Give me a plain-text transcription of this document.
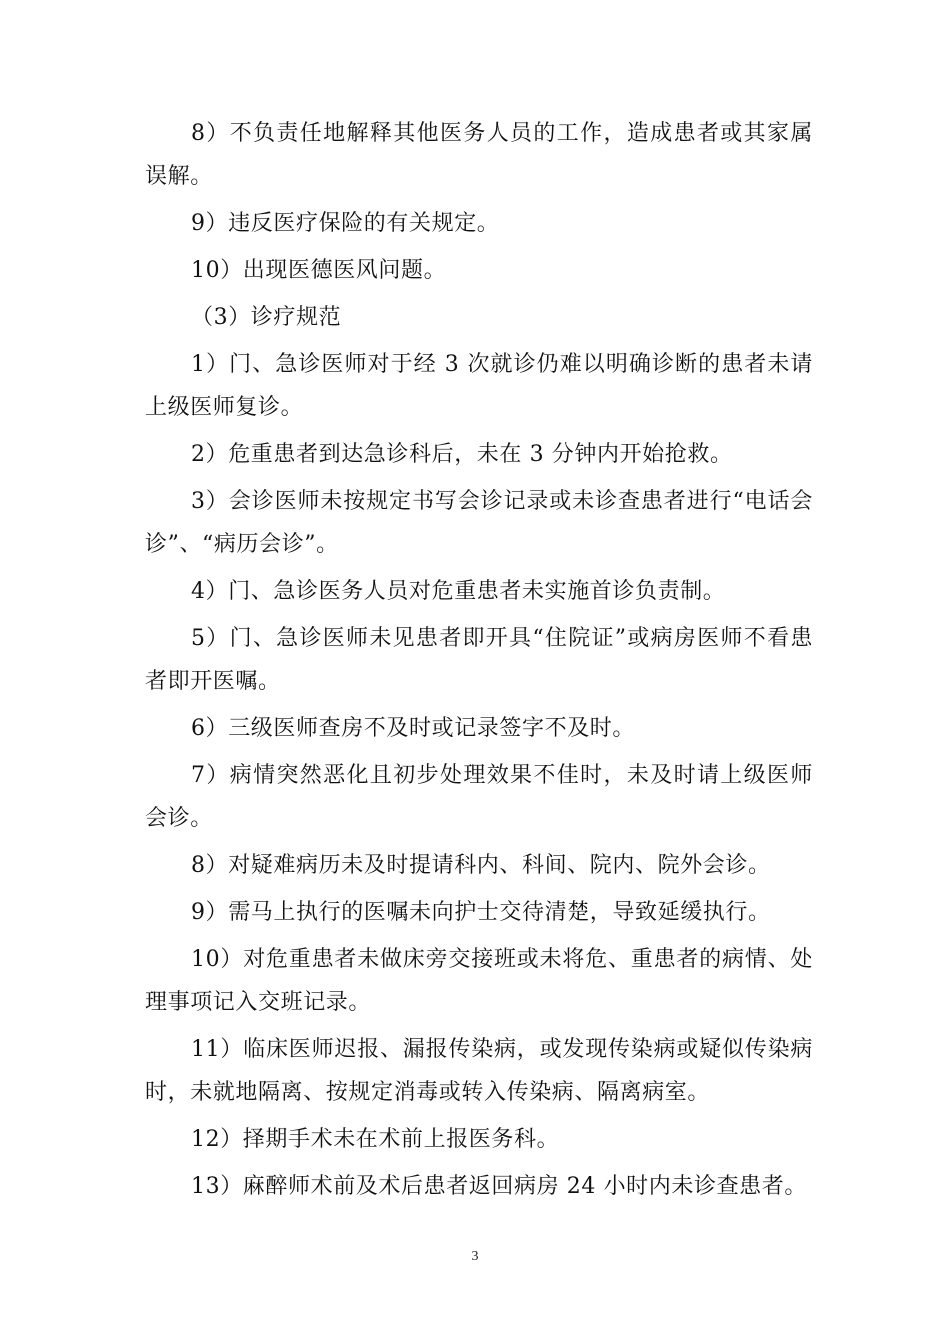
8）不负责任地解释其他医务人员的工作，造成患者或其家属误解。

9）违反医疗保险的有关规定。

10）出现医德医风问题。

（3）诊疗规范

1）门、急诊医师对于经 3 次就诊仍难以明确诊断的患者未请上级医师复诊。

2）危重患者到达急诊科后，未在 3 分钟内开始抢救。

3）会诊医师未按规定书写会诊记录或未诊查患者进行“电话会诊”、“病历会诊”。

4）门、急诊医务人员对危重患者未实施首诊负责制。

5）门、急诊医师未见患者即开具“住院证”或病房医师不看患者即开医嘱。

6）三级医师查房不及时或记录签字不及时。

7）病情突然恶化且初步处理效果不佳时，未及时请上级医师会诊。

8）对疑难病历未及时提请科内、科间、院内、院外会诊。

9）需马上执行的医嘱未向护士交待清楚，导致延缓执行。

10）对危重患者未做床旁交接班或未将危、重患者的病情、处理事项记入交班记录。

11）临床医师迟报、漏报传染病，或发现传染病或疑似传染病时，未就地隔离、按规定消毒或转入传染病、隔离病室。

12）择期手术未在术前上报医务科。

13）麻醉师术前及术后患者返回病房 24 小时内未诊查患者。

3
